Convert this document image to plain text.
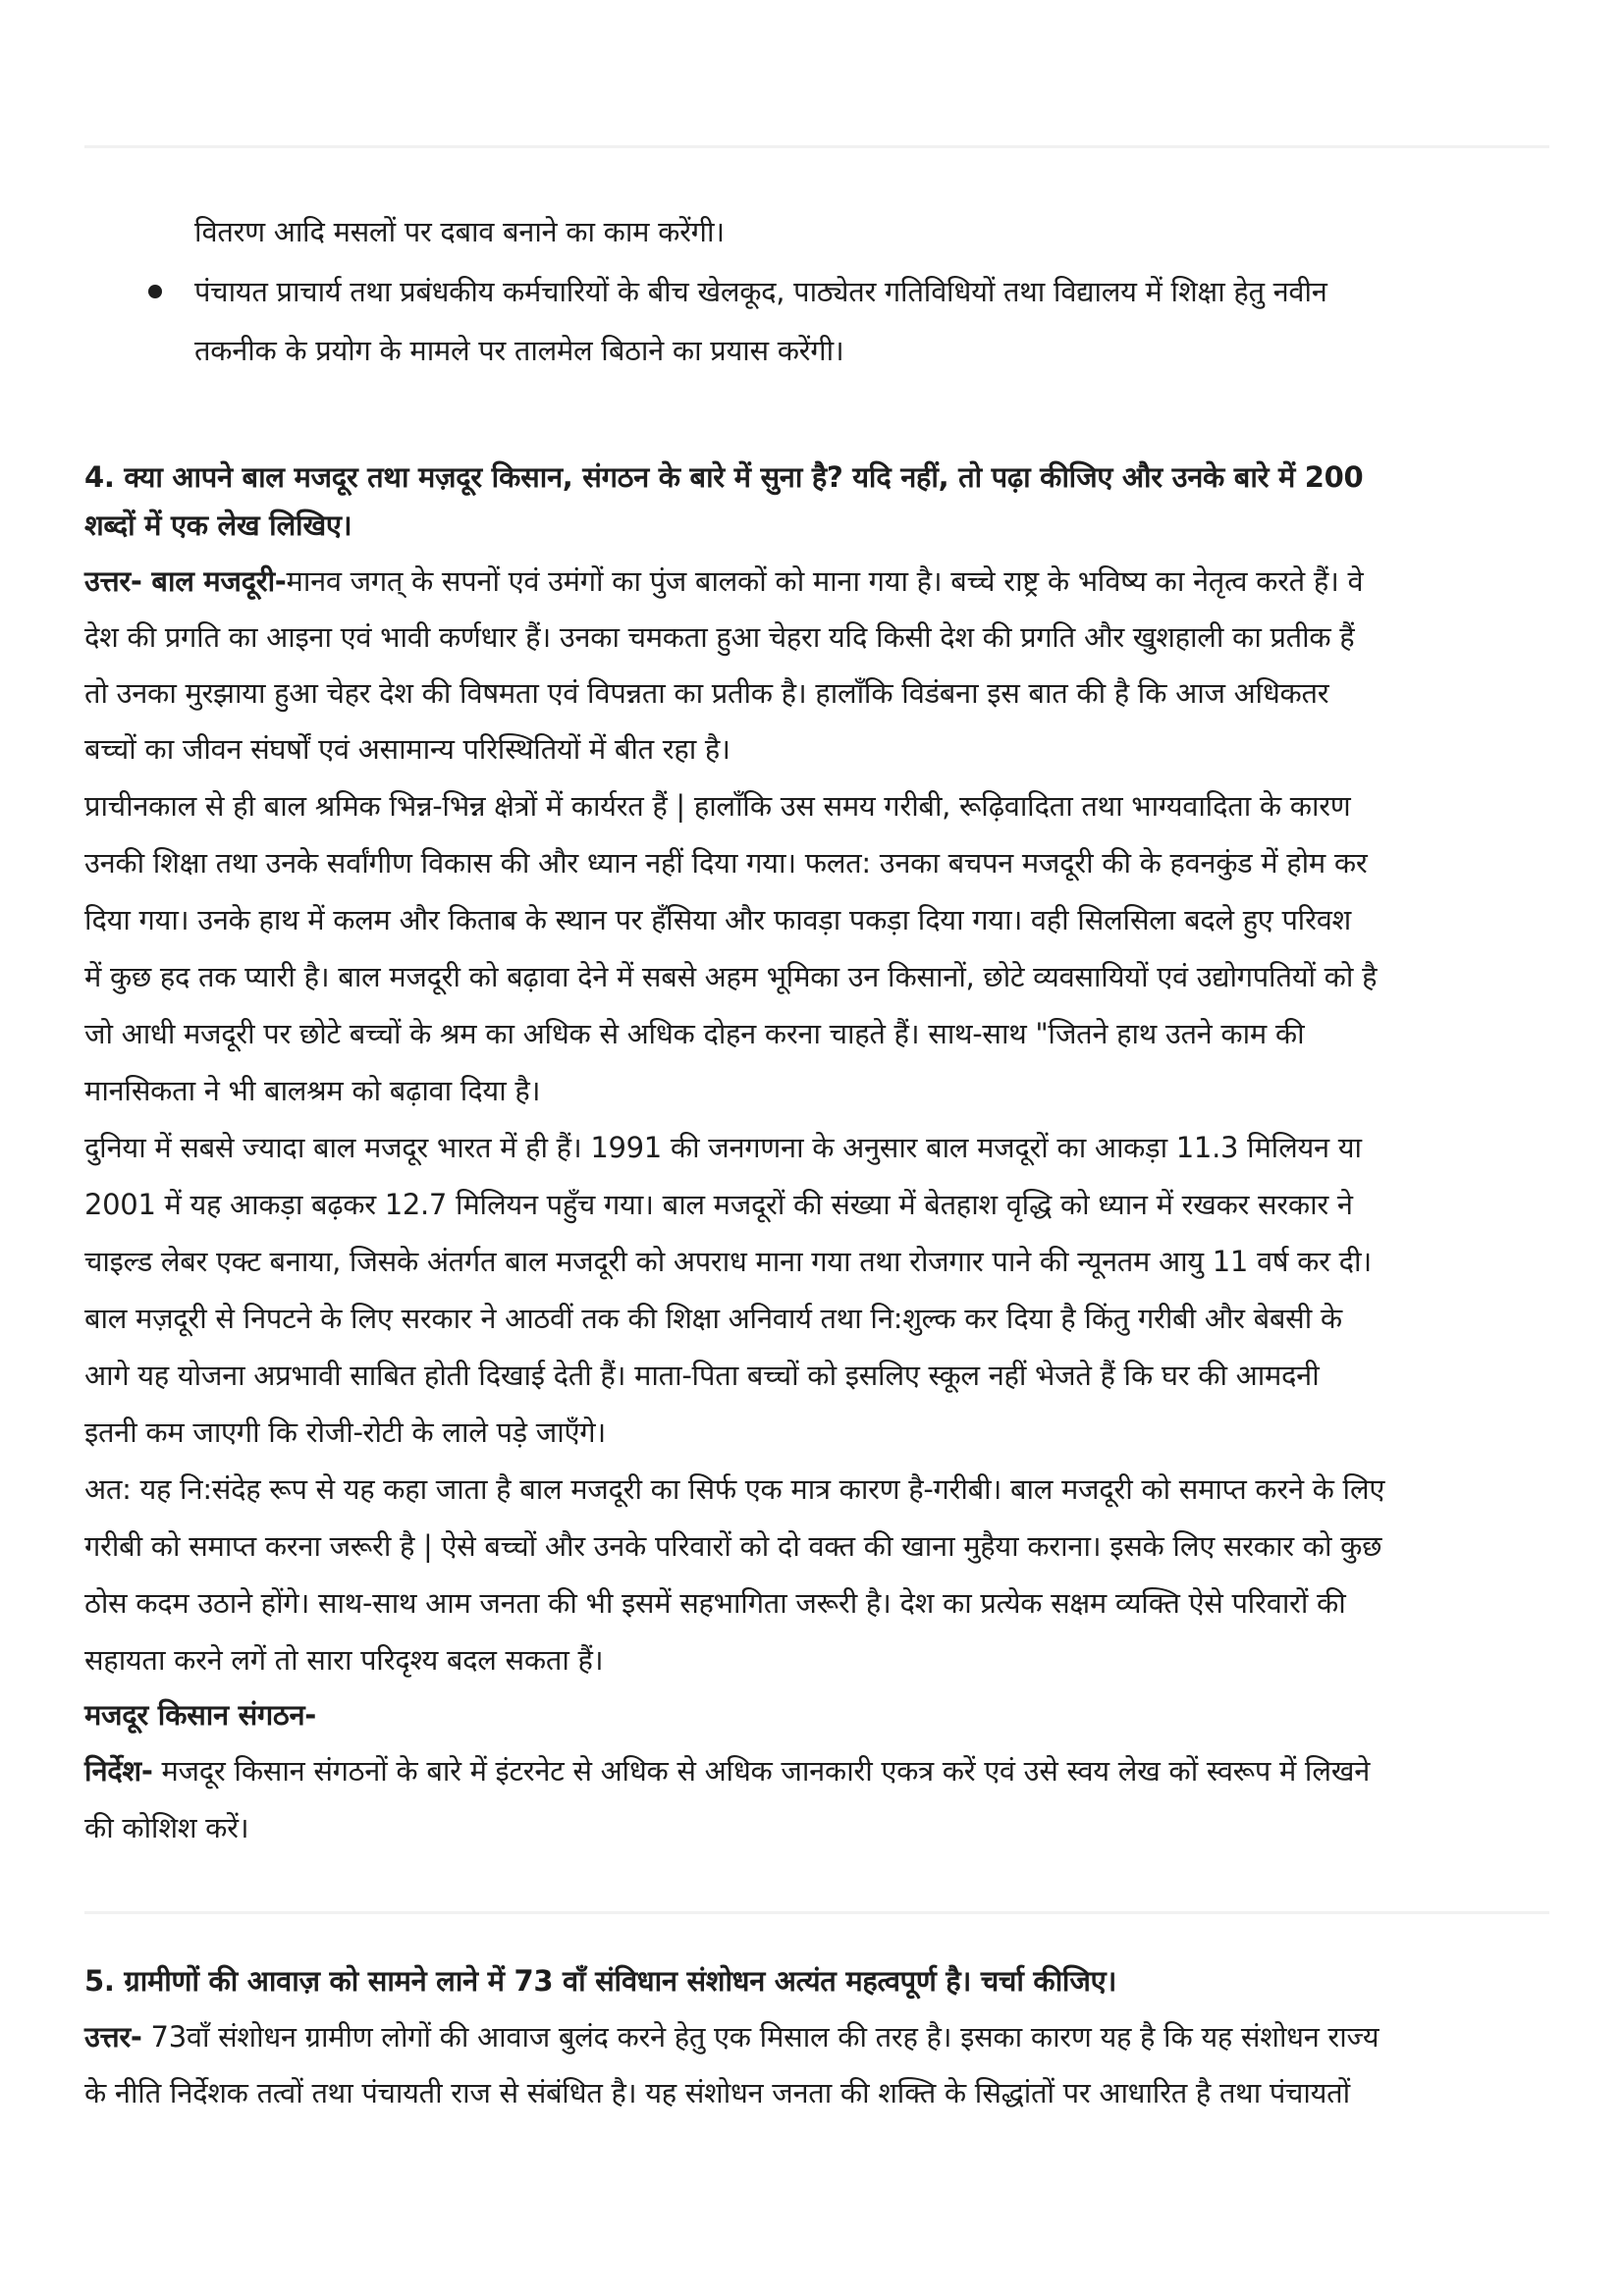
वितरण आदि मसलों पर दबाव बनाने का काम करेंगी।
पंचायत प्राचार्य तथा प्रबंधकीय कर्मचारियों के बीच खेलकूद, पाठ्येतर गतिविधियों तथा विद्यालय में शिक्षा हेतु नवीन
तकनीक के प्रयोग के मामले पर तालमेल बिठाने का प्रयास करेंगी।
4. क्या आपने बाल मजदूर तथा मज़दूर किसान, संगठन के बारे में सुना है? यदि नहीं, तो पढ़ा कीजिए और उनके बारे में 200
शब्दों में एक लेख लिखिए।
उत्तर- बाल मजदूरी-मानव जगत् के सपनों एवं उमंगों का पुंज बालकों को माना गया है। बच्चे राष्ट्र के भविष्य का नेतृत्व करते हैं। वे
देश की प्रगति का आइना एवं भावी कर्णधार हैं। उनका चमकता हुआ चेहरा यदि किसी देश की प्रगति और खुशहाली का प्रतीक हैं
तो उनका मुरझाया हुआ चेहर देश की विषमता एवं विपन्नता का प्रतीक है। हालाँकि विडंबना इस बात की है कि आज अधिकतर
बच्चों का जीवन संघर्षों एवं असामान्य परिस्थितियों में बीत रहा है।
प्राचीनकाल से ही बाल श्रमिक भिन्न-भिन्न क्षेत्रों में कार्यरत हैं | हालाँकि उस समय गरीबी, रूढ़िवादिता तथा भाग्यवादिता के कारण
उनकी शिक्षा तथा उनके सर्वांगीण विकास की और ध्यान नहीं दिया गया। फलत: उनका बचपन मजदूरी की के हवनकुंड में होम कर
दिया गया। उनके हाथ में कलम और किताब के स्थान पर हँसिया और फावड़ा पकड़ा दिया गया। वही सिलसिला बदले हुए परिवश
में कुछ हद तक प्यारी है। बाल मजदूरी को बढ़ावा देने में सबसे अहम भूमिका उन किसानों, छोटे व्यवसायियों एवं उद्योगपतियों को है
जो आधी मजदूरी पर छोटे बच्चों के श्रम का अधिक से अधिक दोहन करना चाहते हैं। साथ-साथ "जितने हाथ उतने काम की
मानसिकता ने भी बालश्रम को बढ़ावा दिया है।
दुनिया में सबसे ज्यादा बाल मजदूर भारत में ही हैं। 1991 की जनगणना के अनुसार बाल मजदूरों का आकड़ा 11.3 मिलियन या
2001 में यह आकड़ा बढ़कर 12.7 मिलियन पहुँच गया। बाल मजदूरों की संख्या में बेतहाश वृद्धि को ध्यान में रखकर सरकार ने
चाइल्ड लेबर एक्ट बनाया, जिसके अंतर्गत बाल मजदूरी को अपराध माना गया तथा रोजगार पाने की न्यूनतम आयु 11 वर्ष कर दी।
बाल मज़दूरी से निपटने के लिए सरकार ने आठवीं तक की शिक्षा अनिवार्य तथा नि:शुल्क कर दिया है किंतु गरीबी और बेबसी के
आगे यह योजना अप्रभावी साबित होती दिखाई देती हैं। माता-पिता बच्चों को इसलिए स्कूल नहीं भेजते हैं कि घर की आमदनी
इतनी कम जाएगी कि रोजी-रोटी के लाले पड़े जाएँगे।
अत: यह नि:संदेह रूप से यह कहा जाता है बाल मजदूरी का सिर्फ एक मात्र कारण है-गरीबी। बाल मजदूरी को समाप्त करने के लिए
गरीबी को समाप्त करना जरूरी है | ऐसे बच्चों और उनके परिवारों को दो वक्त की खाना मुहैया कराना। इसके लिए सरकार को कुछ
ठोस कदम उठाने होंगे। साथ-साथ आम जनता की भी इसमें सहभागिता जरूरी है। देश का प्रत्येक सक्षम व्यक्ति ऐसे परिवारों की
सहायता करने लगें तो सारा परिदृश्य बदल सकता हैं।
मजदूर किसान संगठन-
निर्देश- मजदूर किसान संगठनों के बारे में इंटरनेट से अधिक से अधिक जानकारी एकत्र करें एवं उसे स्वय लेख कों स्वरूप में लिखने
की कोशिश करें।
5. ग्रामीणों की आवाज़ को सामने लाने में 73 वाँ संविधान संशोधन अत्यंत महत्वपूर्ण है। चर्चा कीजिए।
उत्तर- 73वाँ संशोधन ग्रामीण लोगों की आवाज बुलंद करने हेतु एक मिसाल की तरह है। इसका कारण यह है कि यह संशोधन राज्य
के नीति निर्देशक तत्वों तथा पंचायती राज से संबंधित है। यह संशोधन जनता की शक्ति के सिद्धांतों पर आधारित है तथा पंचायतों
